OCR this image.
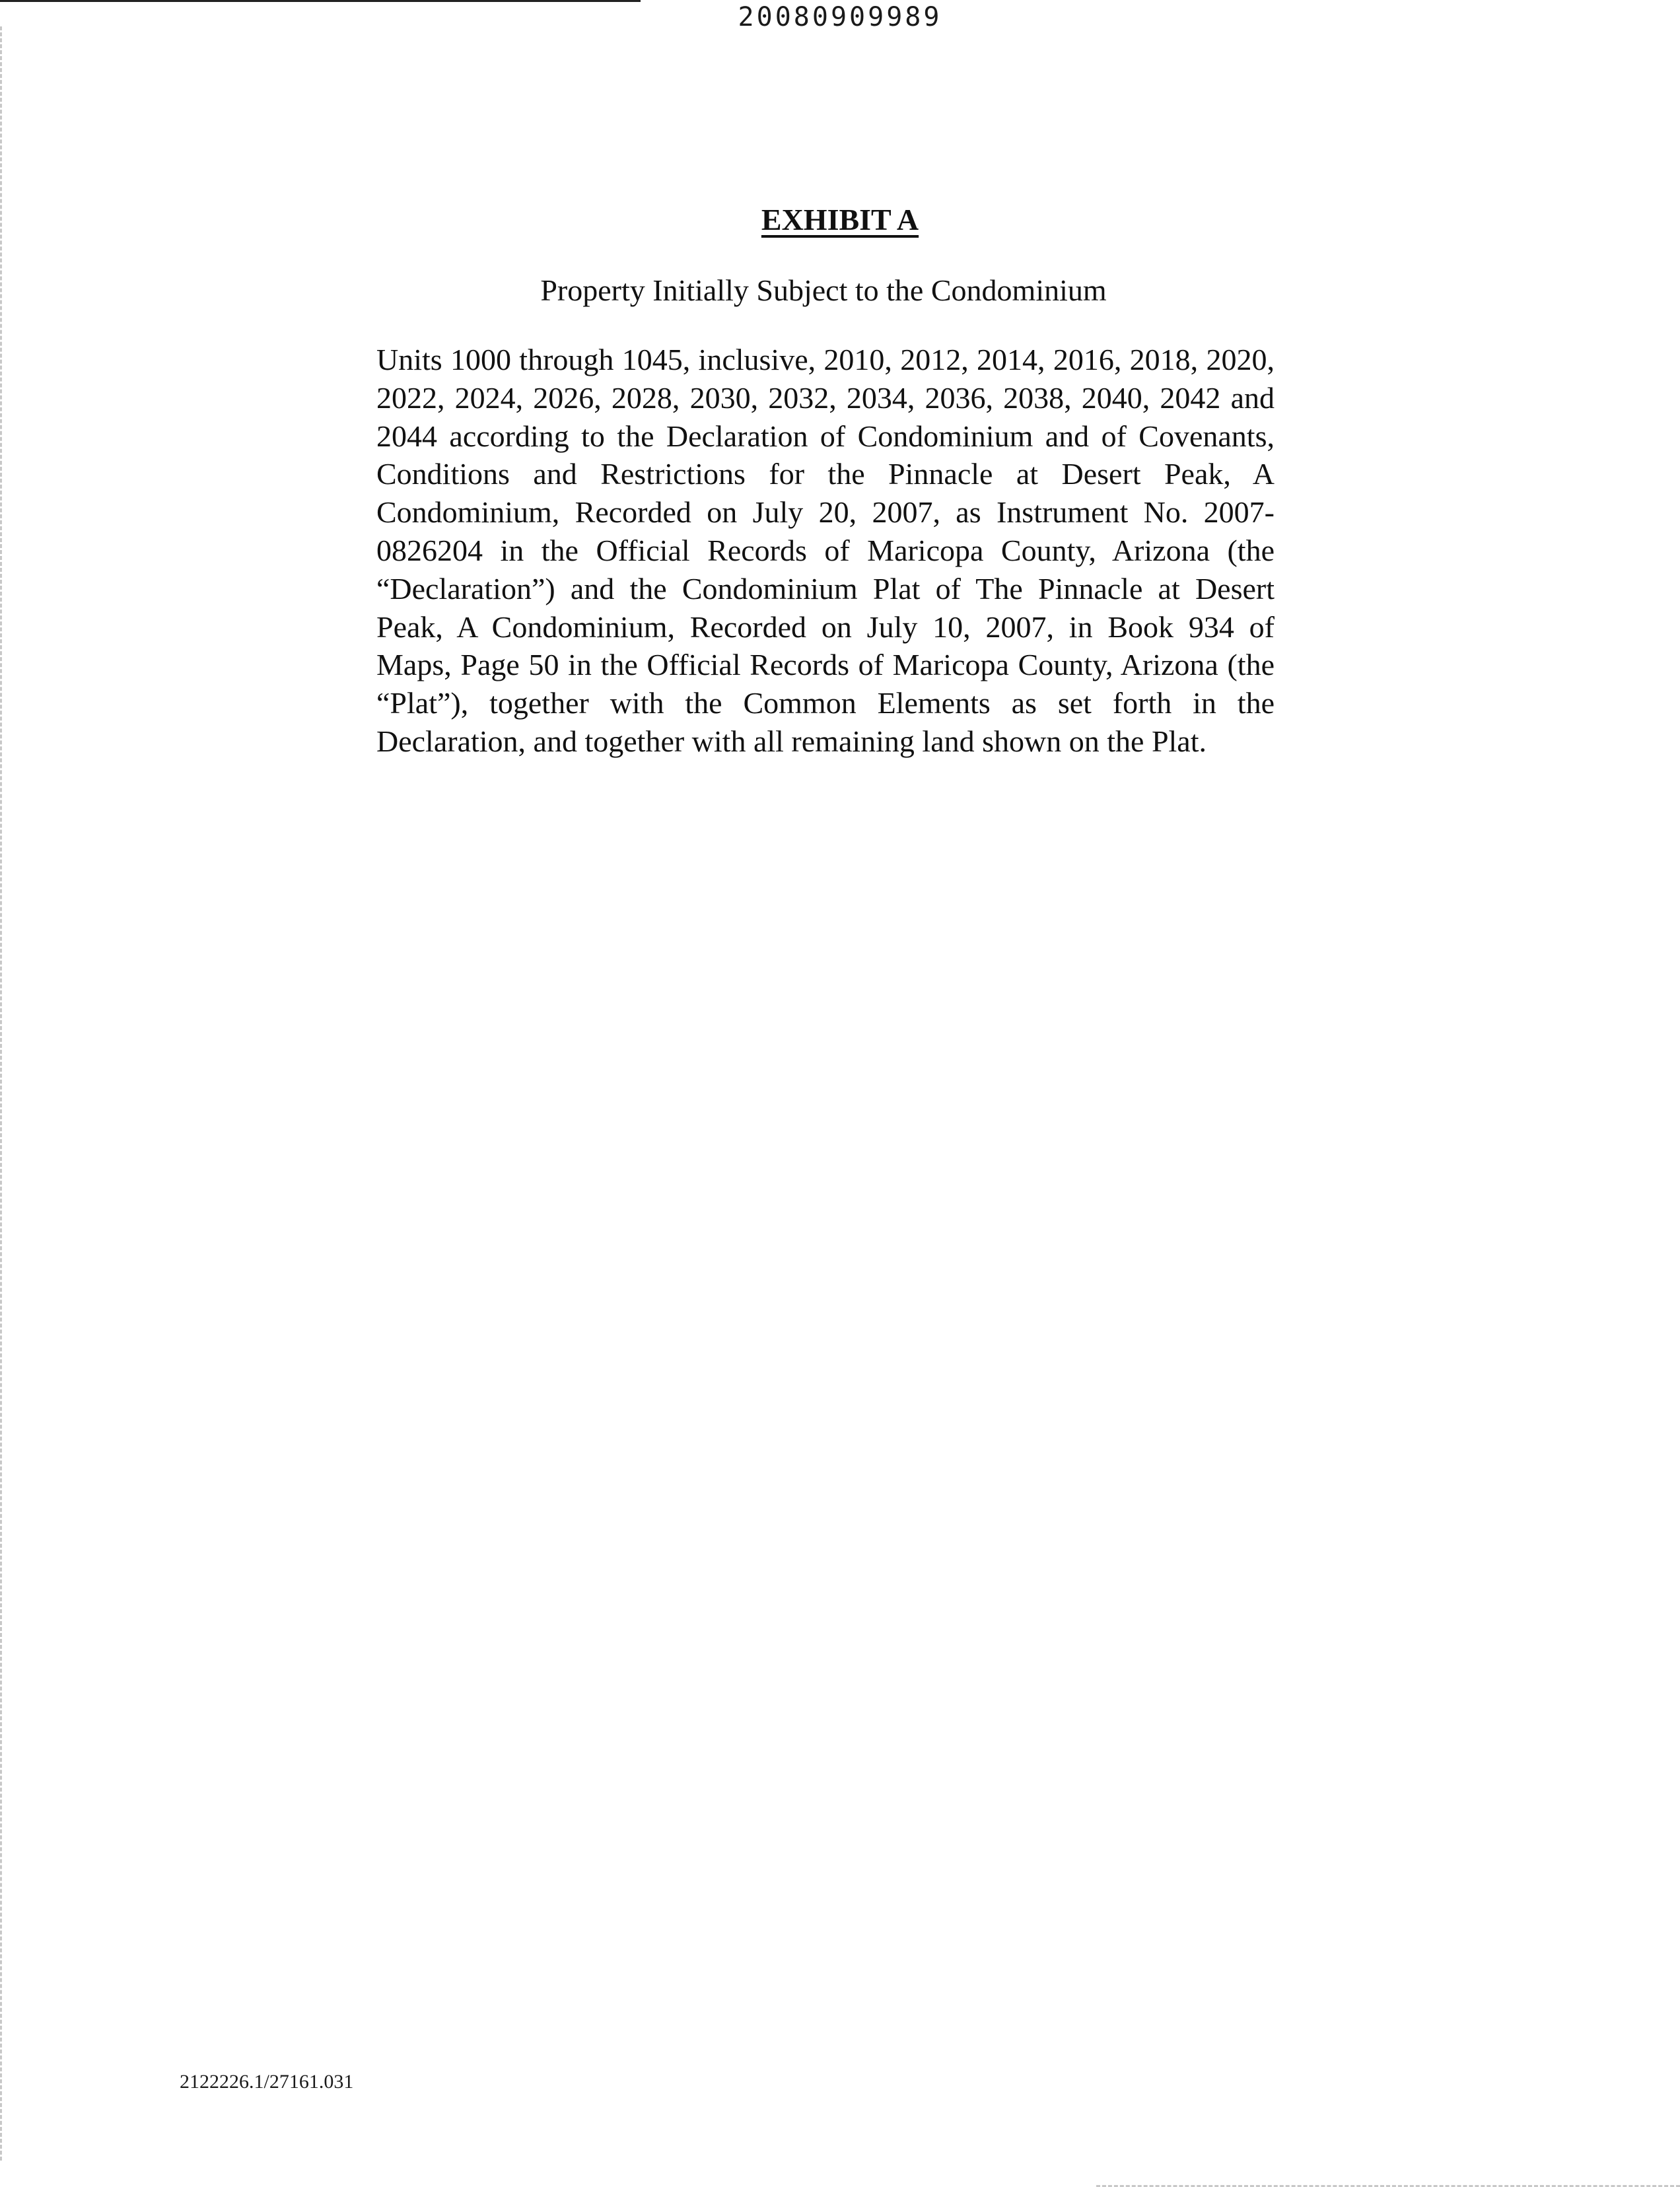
20080909989
EXHIBIT A
Property Initially Subject to the Condominium

Units 1000 through 1045, inclusive, 2010, 2012, 2014, 2016, 2018, 2020, 2022, 2024, 2026, 2028, 2030, 2032, 2034, 2036, 2038, 2040, 2042 and 2044 according to the Declaration of Condominium and of Covenants, Conditions and Restrictions for the Pinnacle at Desert Peak, A Condominium, Recorded on July 20, 2007, as Instrument No. 2007-0826204 in the Official Records of Maricopa County, Arizona (the “Declaration”) and the Condominium Plat of The Pinnacle at Desert Peak, A Condominium, Recorded on July 10, 2007, in Book 934 of Maps, Page 50 in the Official Records of Maricopa County, Arizona (the “Plat”), together with the Common Elements as set forth in the Declaration, and together with all remaining land shown on the Plat.

2122226.1/27161.031
